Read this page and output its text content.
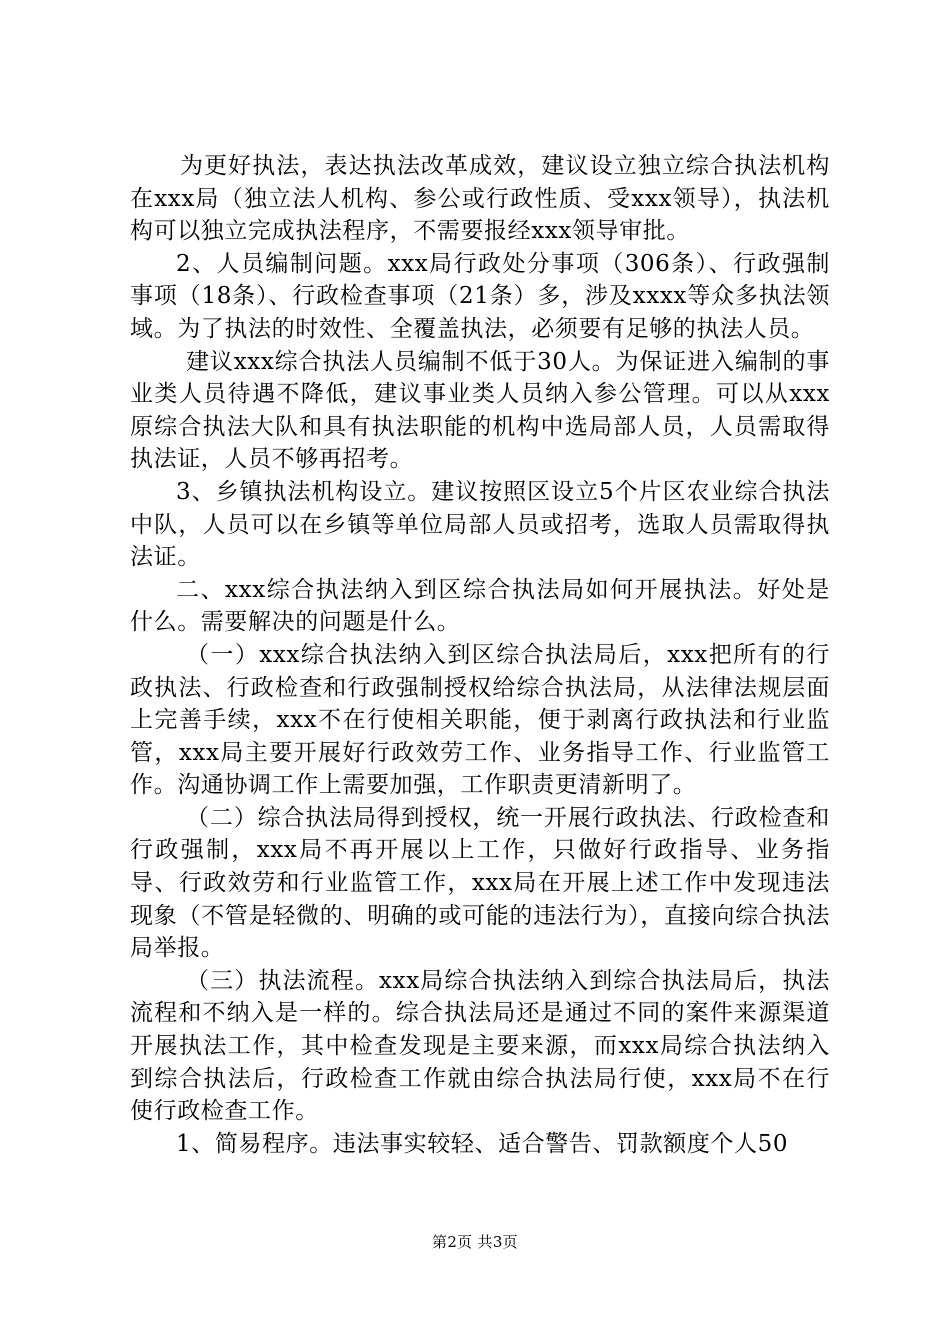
为更好执法，表达执法改革成效，建议设立独立综合执法机构在xxx局（独立法人机构、参公或行政性质、受xxx领导），执法机构可以独立完成执法程序，不需要报经xxx领导审批。

2、人员编制问题。xxx局行政处分事项（306条）、行政强制事项（18条）、行政检查事项（21条）多，涉及xxxx等众多执法领域。为了执法的时效性、全覆盖执法，必须要有足够的执法人员。

建议xxx综合执法人员编制不低于30人。为保证进入编制的事业类人员待遇不降低，建议事业类人员纳入参公管理。可以从xxx原综合执法大队和具有执法职能的机构中选局部人员，人员需取得执法证，人员不够再招考。

3、乡镇执法机构设立。建议按照区设立5个片区农业综合执法中队，人员可以在乡镇等单位局部人员或招考，选取人员需取得执法证。

二、xxx综合执法纳入到区综合执法局如何开展执法。好处是什么。需要解决的问题是什么。

（一）xxx综合执法纳入到区综合执法局后，xxx把所有的行政执法、行政检查和行政强制授权给综合执法局，从法律法规层面上完善手续，xxx不在行使相关职能，便于剥离行政执法和行业监管，xxx局主要开展好行政效劳工作、业务指导工作、行业监管工作。沟通协调工作上需要加强，工作职责更清新明了。

（二）综合执法局得到授权，统一开展行政执法、行政检查和行政强制，xxx局不再开展以上工作，只做好行政指导、业务指导、行政效劳和行业监管工作，xxx局在开展上述工作中发现违法现象（不管是轻微的、明确的或可能的违法行为），直接向综合执法局举报。

（三）执法流程。xxx局综合执法纳入到综合执法局后，执法流程和不纳入是一样的。综合执法局还是通过不同的案件来源渠道开展执法工作，其中检查发现是主要来源，而xxx局综合执法纳入到综合执法后，行政检查工作就由综合执法局行使，xxx局不在行使行政检查工作。

1、简易程序。违法事实较轻、适合警告、罚款额度个人50

第2页 共3页
